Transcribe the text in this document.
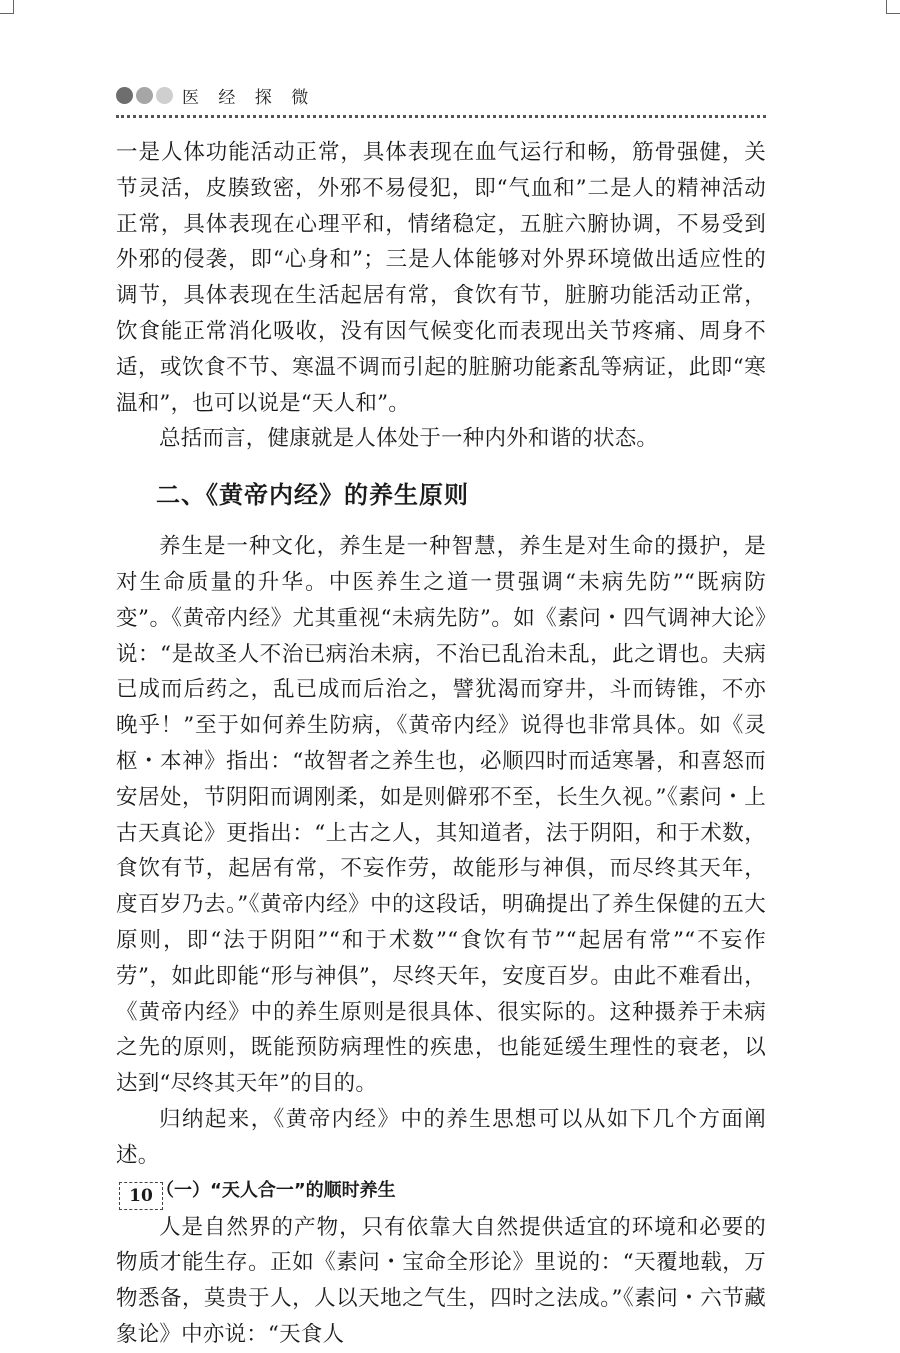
医 经 探 微

一是人体功能活动正常，具体表现在血气运行和畅，筋骨强健，关节灵活，皮腠致密，外邪不易侵犯，即“气血和”二是人的精神活动正常，具体表现在心理平和，情绪稳定，五脏六腑协调，不易受到外邪的侵袭，即“心身和”；三是人体能够对外界环境做出适应性的调节，具体表现在生活起居有常，食饮有节，脏腑功能活动正常，饮食能正常消化吸收，没有因气候变化而表现出关节疼痛、周身不适，或饮食不节、寒温不调而引起的脏腑功能紊乱等病证，此即“寒温和”，也可以说是“天人和”。

总括而言，健康就是人体处于一种内外和谐的状态。

二、《黄帝内经》的养生原则

养生是一种文化，养生是一种智慧，养生是对生命的摄护，是对生命质量的升华。中医养生之道一贯强调“未病先防”“既病防变”。《黄帝内经》尤其重视“未病先防”。如《素问・四气调神大论》说：“是故圣人不治已病治未病，不治已乱治未乱，此之谓也。夫病已成而后药之，乱已成而后治之，譬犹渴而穿井，斗而铸锥，不亦晚乎！”至于如何养生防病，《黄帝内经》说得也非常具体。如《灵枢・本神》指出：“故智者之养生也，必顺四时而适寒暑，和喜怒而安居处，节阴阳而调刚柔，如是则僻邪不至，长生久视。”《素问・上古天真论》更指出：“上古之人，其知道者，法于阴阳，和于术数，食饮有节，起居有常，不妄作劳，故能形与神俱，而尽终其天年，度百岁乃去。”《黄帝内经》中的这段话，明确提出了养生保健的五大原则，即“法于阴阳”“和于术数”“食饮有节”“起居有常”“不妄作劳”，如此即能“形与神俱”，尽终天年，安度百岁。由此不难看出，《黄帝内经》中的养生原则是很具体、很实际的。这种摄养于未病之先的原则，既能预防病理性的疾患，也能延缓生理性的衰老，以达到“尽终其天年”的目的。

归纳起来，《黄帝内经》中的养生思想可以从如下几个方面阐述。

（一）“天人合一”的顺时养生

人是自然界的产物，只有依靠大自然提供适宜的环境和必要的物质才能生存。正如《素问・宝命全形论》里说的：“天覆地载，万物悉备，莫贵于人，人以天地之气生，四时之法成。”《素问・六节藏象论》中亦说：“天食人

10
